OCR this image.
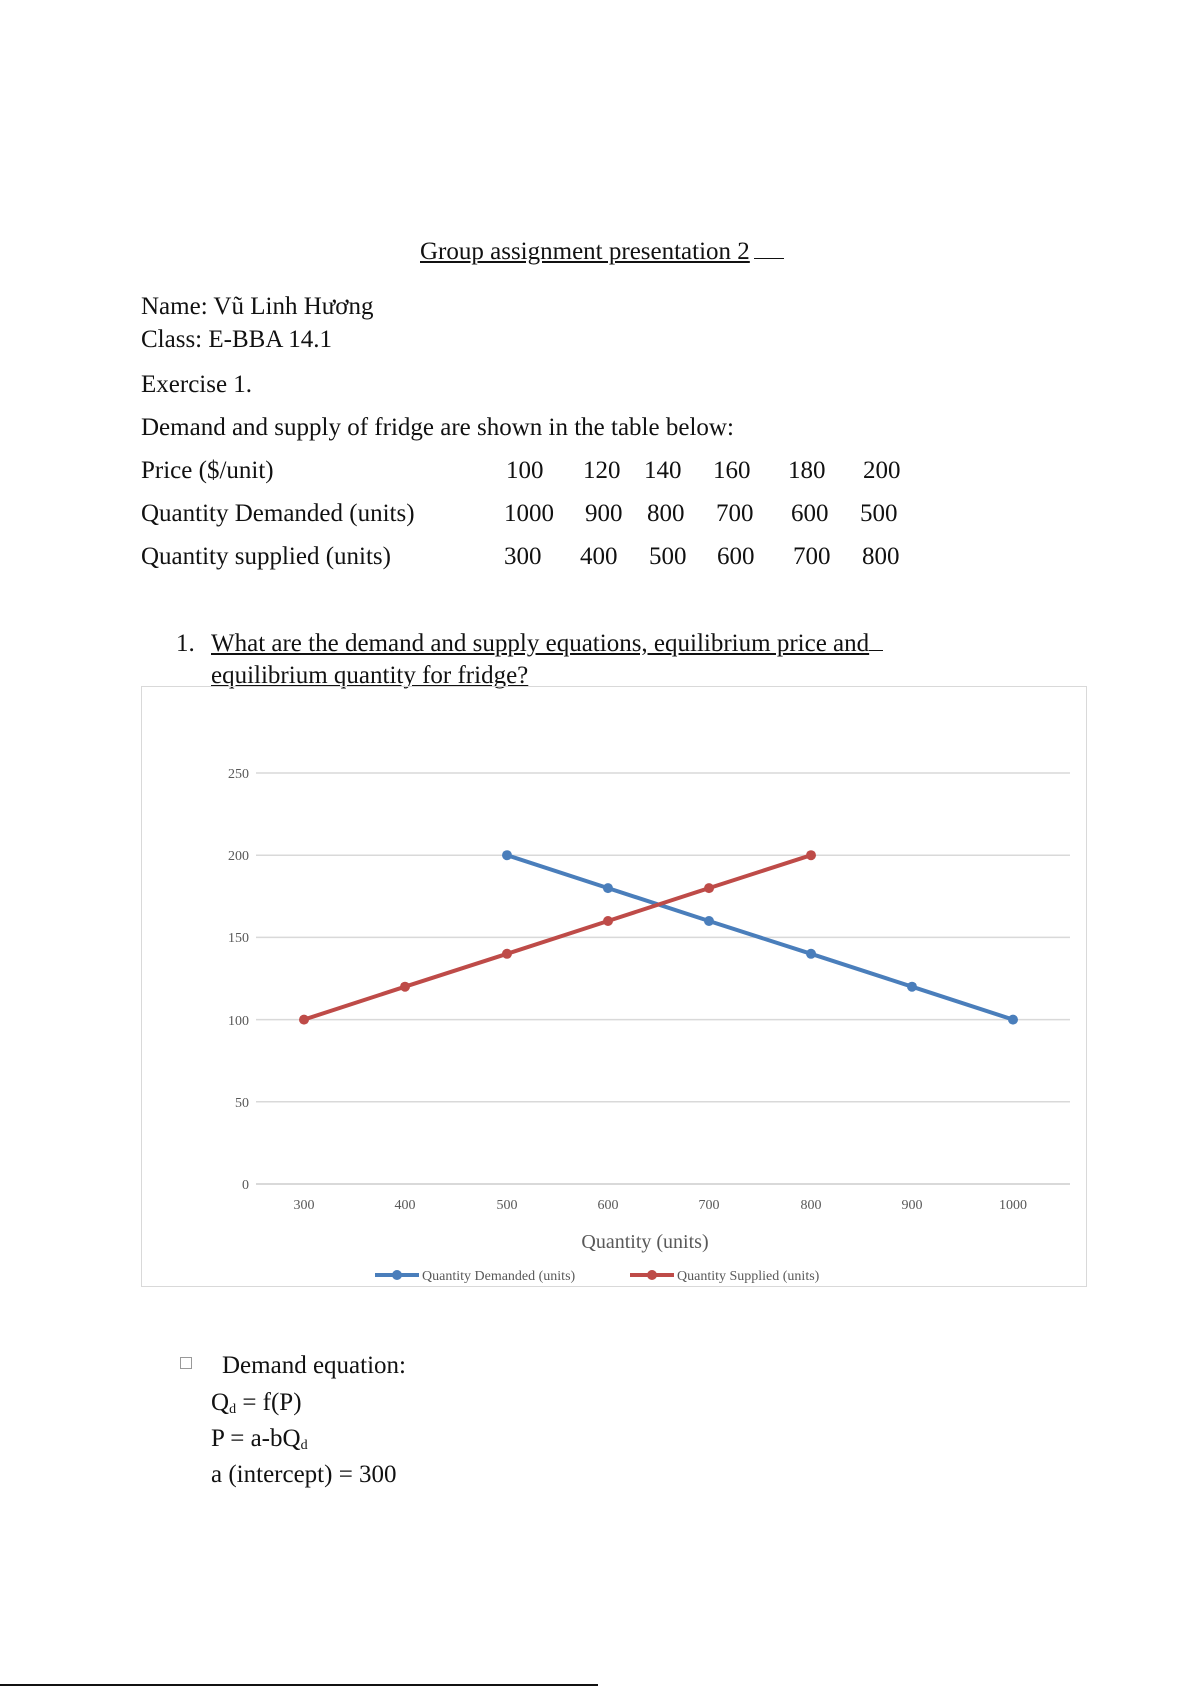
Group assignment presentation 2
Name: Vũ Linh Hương
Class: E-BBA 14.1
Exercise 1.
Demand and supply of fridge are shown in the table below:
Price ($/unit)	100 120 140 160 180 200
Quantity Demanded (units)	1000 900 800 700 600 500
Quantity supplied (units)	300 400 500 600 700 800
1. What are the demand and supply equations, equilibrium price and
equilibrium quantity for fridge?
250
200
150
100
50
0
300	400	500	600	700	800	900	1000
Quantity (units)
Quantity Demanded (units)	Quantity Supplied (units)
Demand equation:
$Q_d = f(P)$
$P = a-bQ_d$
a (intercept) = 300
